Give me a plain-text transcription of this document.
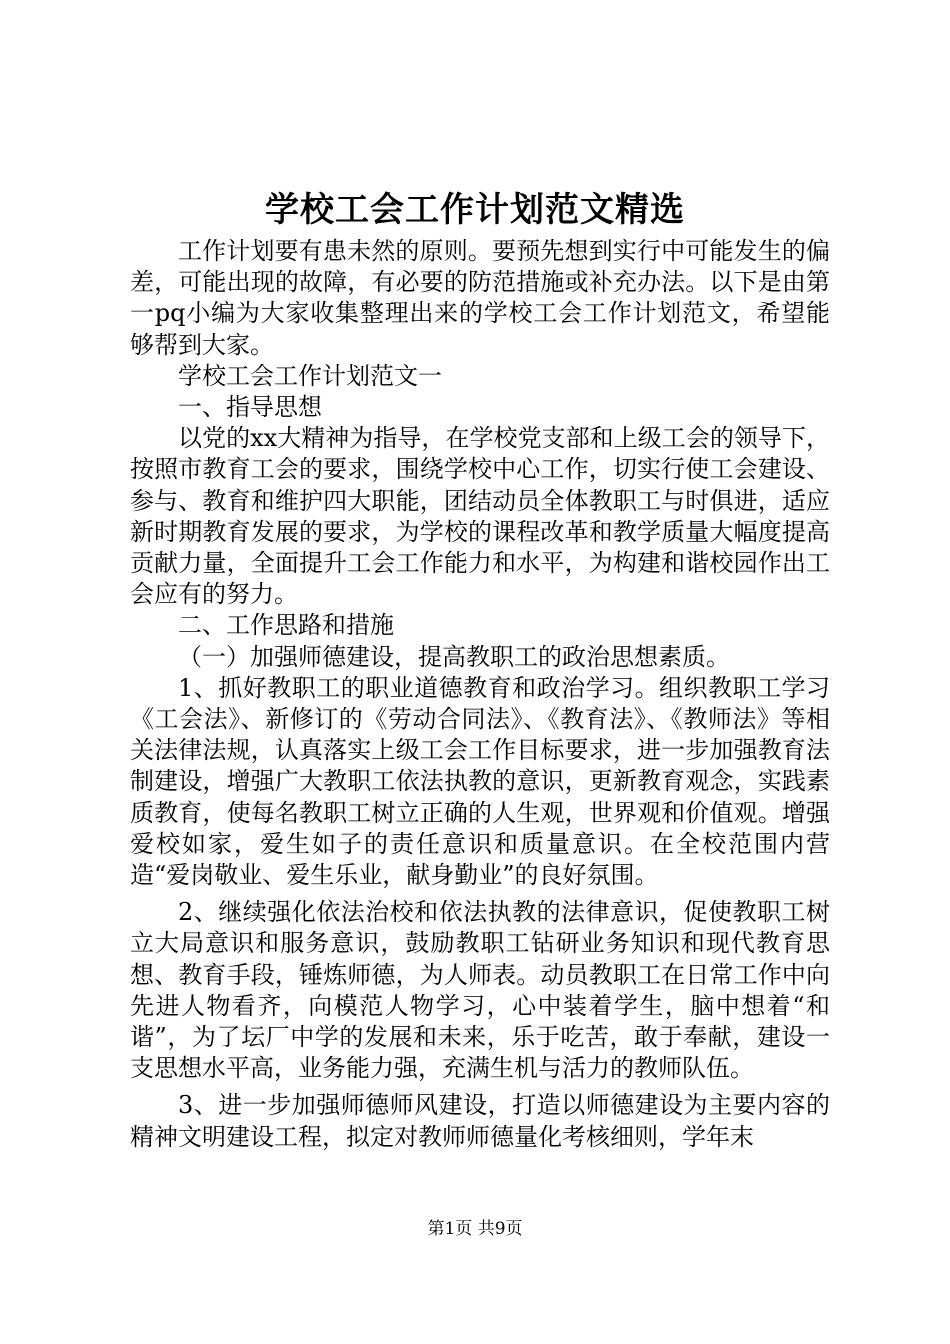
学校工会工作计划范文精选

工作计划要有患未然的原则。要预先想到实行中可能发生的偏差，可能出现的故障，有必要的防范措施或补充办法。以下是由第一pq小编为大家收集整理出来的学校工会工作计划范文，希望能够帮到大家。

学校工会工作计划范文一

一、指导思想

以党的xx大精神为指导，在学校党支部和上级工会的领导下，按照市教育工会的要求，围绕学校中心工作，切实行使工会建设、参与、教育和维护四大职能，团结动员全体教职工与时俱进，适应新时期教育发展的要求，为学校的课程改革和教学质量大幅度提高贡献力量，全面提升工会工作能力和水平，为构建和谐校园作出工会应有的努力。

二、工作思路和措施

（一）加强师德建设，提高教职工的政治思想素质。

1、抓好教职工的职业道德教育和政治学习。组织教职工学习《工会法》、新修订的《劳动合同法》、《教育法》、《教师法》等相关法律法规，认真落实上级工会工作目标要求，进一步加强教育法制建设，增强广大教职工依法执教的意识，更新教育观念，实践素质教育，使每名教职工树立正确的人生观，世界观和价值观。增强爱校如家，爱生如子的责任意识和质量意识。在全校范围内营造“爱岗敬业、爱生乐业，献身勤业”的良好氛围。

2、继续强化依法治校和依法执教的法律意识，促使教职工树立大局意识和服务意识，鼓励教职工钻研业务知识和现代教育思想、教育手段，锤炼师德，为人师表。动员教职工在日常工作中向先进人物看齐，向模范人物学习，心中装着学生，脑中想着“和谐”，为了坛厂中学的发展和未来，乐于吃苦，敢于奉献，建设一支思想水平高，业务能力强，充满生机与活力的教师队伍。

3、进一步加强师德师风建设，打造以师德建设为主要内容的精神文明建设工程，拟定对教师师德量化考核细则，学年末

第1页 共9页
